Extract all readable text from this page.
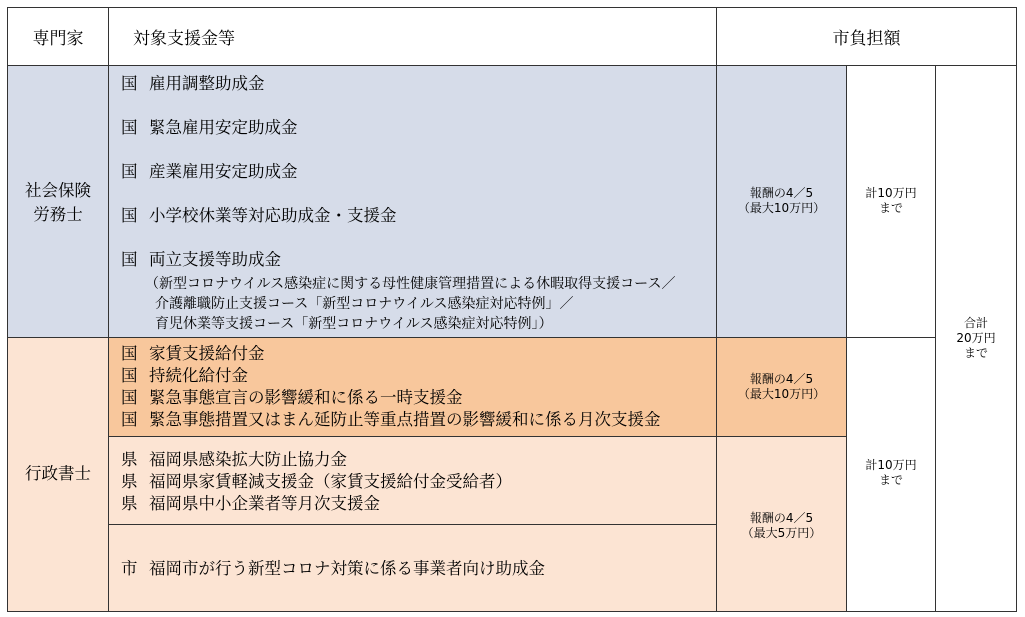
専門家	対象支援金等	市負担額
社会保険
労務士
国 雇用調整助成金
国 緊急雇用安定助成金
国 産業雇用安定助成金
国 小学校休業等対応助成金・支援金
国 両立支援等助成金
（新型コロナウイルス感染症に関する母性健康管理措置による休暇取得支援コース／
介護離職防止支援コース「新型コロナウイルス感染症対応特例」／
育児休業等支援コース「新型コロナウイルス感染症対応特例」）
報酬の4／5
（最大10万円）
計10万円
まで
合計
20万円
まで
行政書士
国 家賃支援給付金
国 持続化給付金
国 緊急事態宣言の影響緩和に係る一時支援金
国 緊急事態措置又はまん延防止等重点措置の影響緩和に係る月次支援金
報酬の4／5
（最大10万円）
計10万円
まで
県 福岡県感染拡大防止協力金
県 福岡県家賃軽減支援金（家賃支援給付金受給者）
県 福岡県中小企業者等月次支援金
市 福岡市が行う新型コロナ対策に係る事業者向け助成金
報酬の4／5
（最大5万円）
